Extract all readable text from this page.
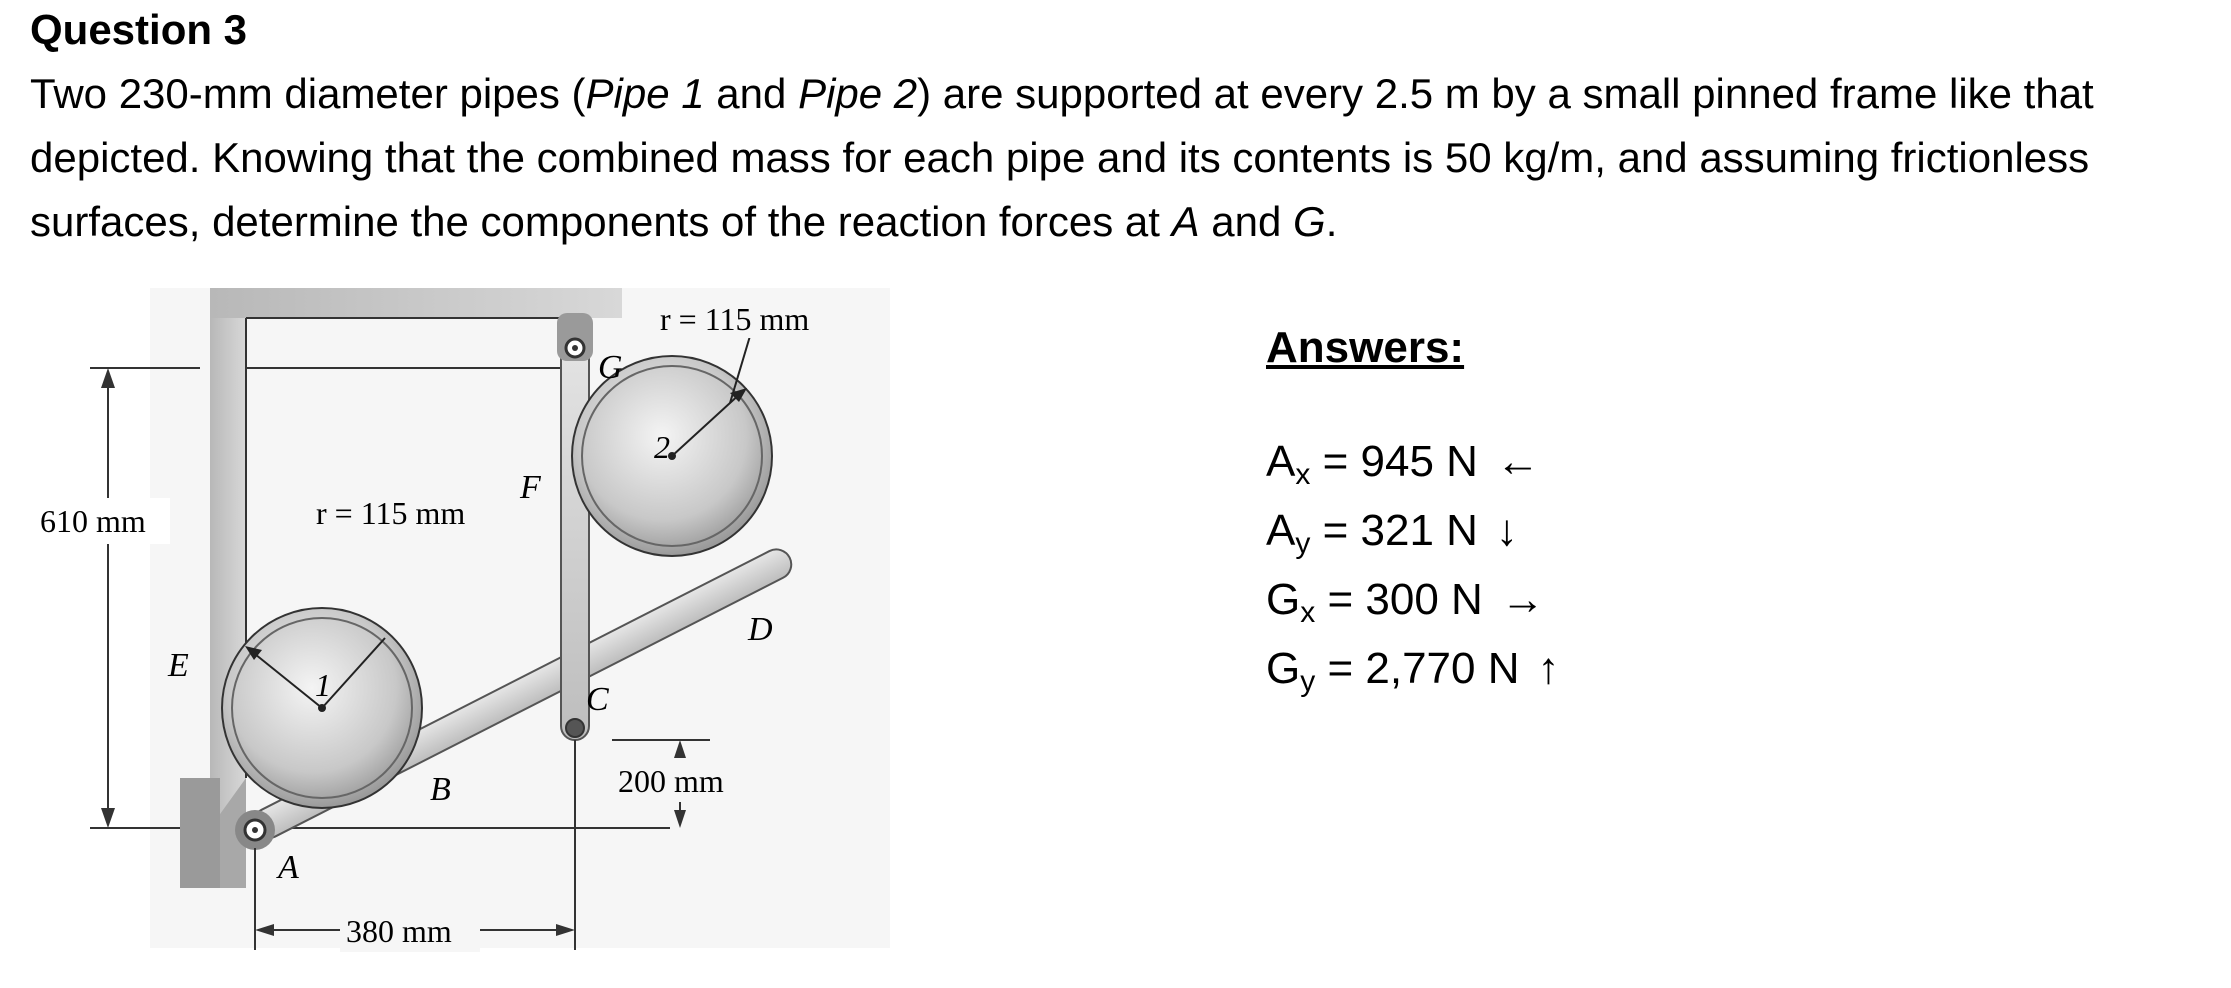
Question 3

Two 230-mm diameter pipes (Pipe 1 and Pipe 2) are supported at every 2.5 m by a small pinned frame like that depicted. Knowing that the combined mass for each pipe and its contents is 50 kg/m, and assuming frictionless surfaces, determine the components of the reaction forces at A and G.

610 mm
200 mm
380 mm
r = 115 mm
r = 115 mm
G
F
D
E
C
B
A
1
2
Answers:
Ax = 945 N ←
Ay = 321 N ↓
Gx = 300 N →
Gy = 2,770 N ↑
